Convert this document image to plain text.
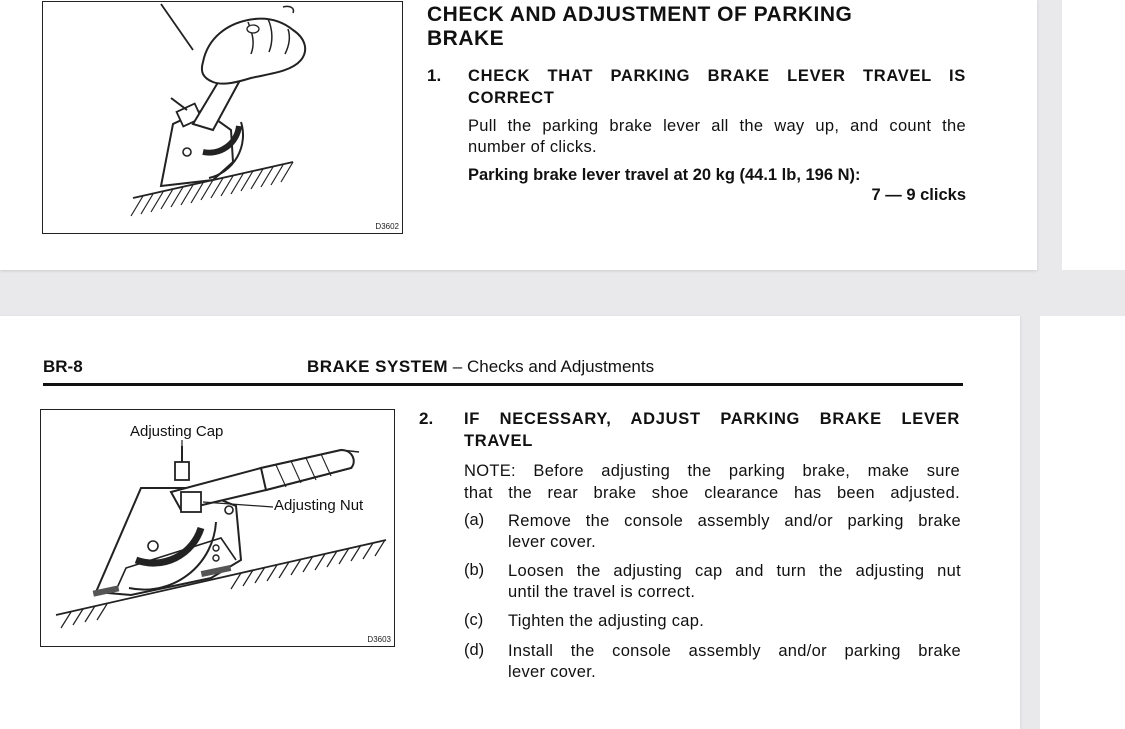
D3602
CHECK AND ADJUSTMENT OF PARKING
BRAKE
1. CHECK THAT PARKING BRAKE LEVER TRAVEL IS
CORRECT
Pull the parking brake lever all the way up, and count the
number of clicks.
Parking brake lever travel at 20 kg (44.1 lb, 196 N):
7 — 9 clicks
BR-8	BRAKE SYSTEM – Checks and Adjustments
Adjusting Cap
Adjusting Nut
D3603
2. IF NECESSARY, ADJUST PARKING BRAKE LEVER
TRAVEL
NOTE: Before adjusting the parking brake, make sure
that the rear brake shoe clearance has been adjusted.
(a) Remove the console assembly and/or parking brake
lever cover.
(b) Loosen the adjusting cap and turn the adjusting nut
until the travel is correct.
(c) Tighten the adjusting cap.
(d) Install the console assembly and/or parking brake
lever cover.
